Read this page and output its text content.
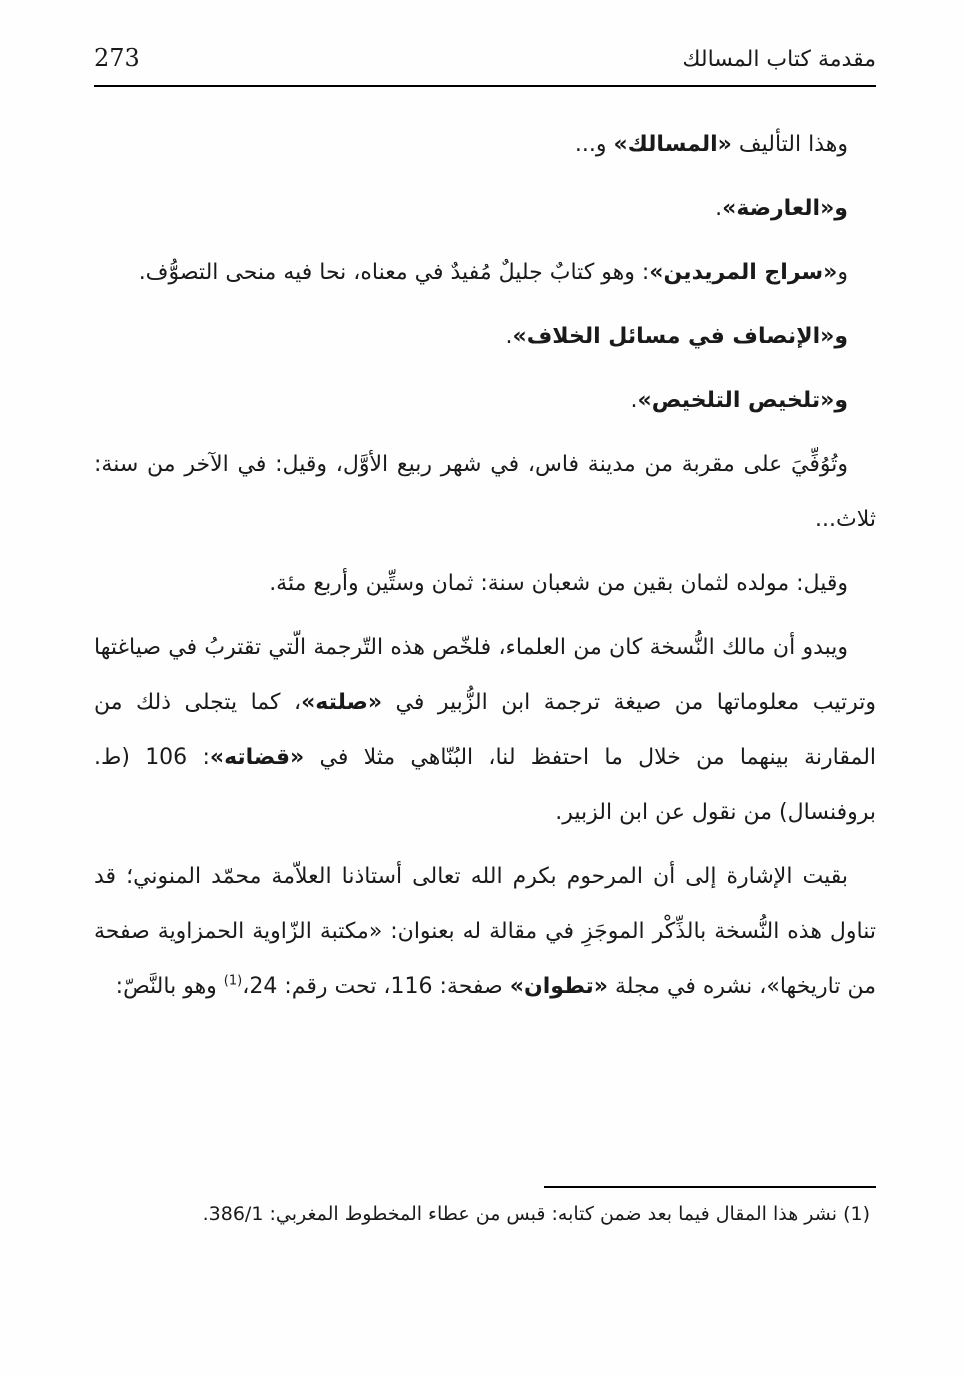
مقدمة كتاب المسالك
273

وهذا التأليف «المسالك» و...

و«العارضة».

و«سراج المريدين»: وهو كتابٌ جليلٌ مُفيدٌ في معناه، نحا فيه منحى التصوُّف.

و«الإنصاف في مسائل الخلاف».

و«تلخيص التلخيص».

وتُوُفِّيَ على مقربة من مدينة فاس، في شهر ربيع الأوَّل، وقيل: في الآخر من سنة: ثلاث...

وقيل: مولده لثمان بقين من شعبان سنة: ثمان وستِّين وأربع مئة.

ويبدو أن مالك النُّسخة كان من العلماء، فلخّص هذه التّرجمة الّتي تقتربُ في صياغتها وترتيب معلوماتها من صيغة ترجمة ابن الزُّبير في «صلته»، كما يتجلى ذلك من المقارنة بينهما من خلال ما احتفظ لنا، البُنّاهي مثلا في «قضاته»: 106 (ط. بروفنسال) من نقول عن ابن الزبير.

بقيت الإشارة إلى أن المرحوم بكرم الله تعالى أستاذنا العلاّمة محمّد المنوني؛ قد تناول هذه النُّسخة بالذِّكْر الموجَزِ في مقالة له بعنوان: «مكتبة الزّاوية الحمزاوية صفحة من تاريخها»، نشره في مجلة «تطوان» صفحة: 116، تحت رقم: 24،$^{(1)}$ وهو بالنَّصّ:

(1) نشر هذا المقال فيما بعد ضمن كتابه: قبس من عطاء المخطوط المغربي: 386/1.
